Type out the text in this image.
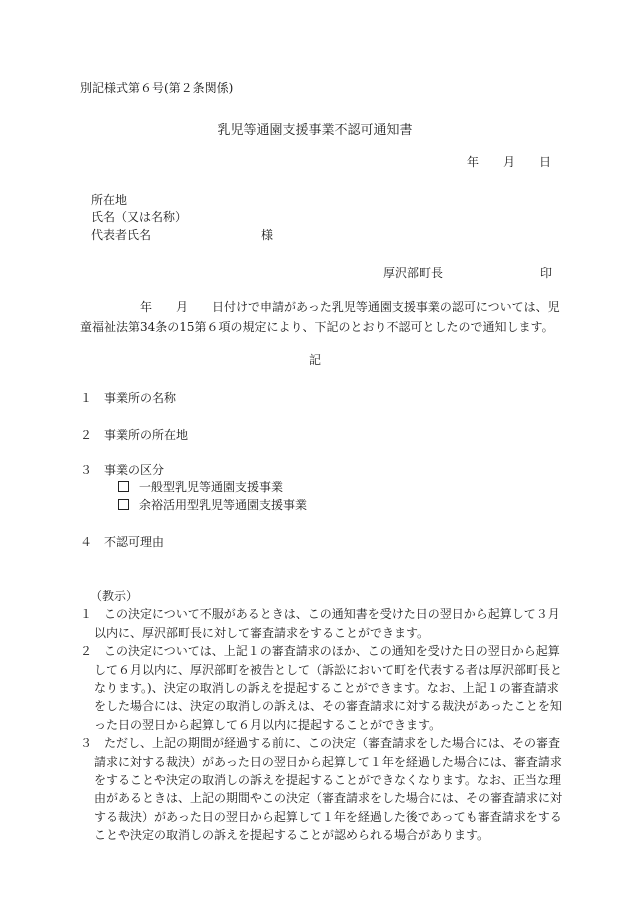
別記様式第６号(第２条関係)
乳児等通園支援事業不認可通知書
年　　月　　日
所在地
氏名（又は名称）
代表者氏名	様
厚沢部町長	印
年　　月　　日付けで申請があった乳児等通園支援事業の認可については、児童福祉法第34条の15第６項の規定により、下記のとおり不認可としたので通知します。
記
１　 事業所の名称
２　 事業所の所在地
３　 事業の区分
一般型乳児等通園支援事業
余裕活用型乳児等通園支援事業
４　 不認可理由
（教示）
１　この決定について不服があるときは、この通知書を受けた日の翌日から起算して３月以内に、厚沢部町長に対して審査請求をすることができます。
２　この決定については、上記１の審査請求のほか、この通知を受けた日の翌日から起算して６月以内に、厚沢部町を被告として（訴訟において町を代表する者は厚沢部町長となります。)、決定の取消しの訴えを提起することができます。なお、上記１の審査請求をした場合には、決定の取消しの訴えは、その審査請求に対する裁決があったことを知った日の翌日から起算して６月以内に提起することができます。
３　ただし、上記の期間が経過する前に、この決定（審査請求をした場合には、その審査請求に対する裁決）があった日の翌日から起算して１年を経過した場合には、審査請求をすることや決定の取消しの訴えを提起することができなくなります。なお、正当な理由があるときは、上記の期間やこの決定（審査請求をした場合には、その審査請求に対する裁決）があった日の翌日から起算して１年を経過した後であっても審査請求をすることや決定の取消しの訴えを提起することが認められる場合があります。
